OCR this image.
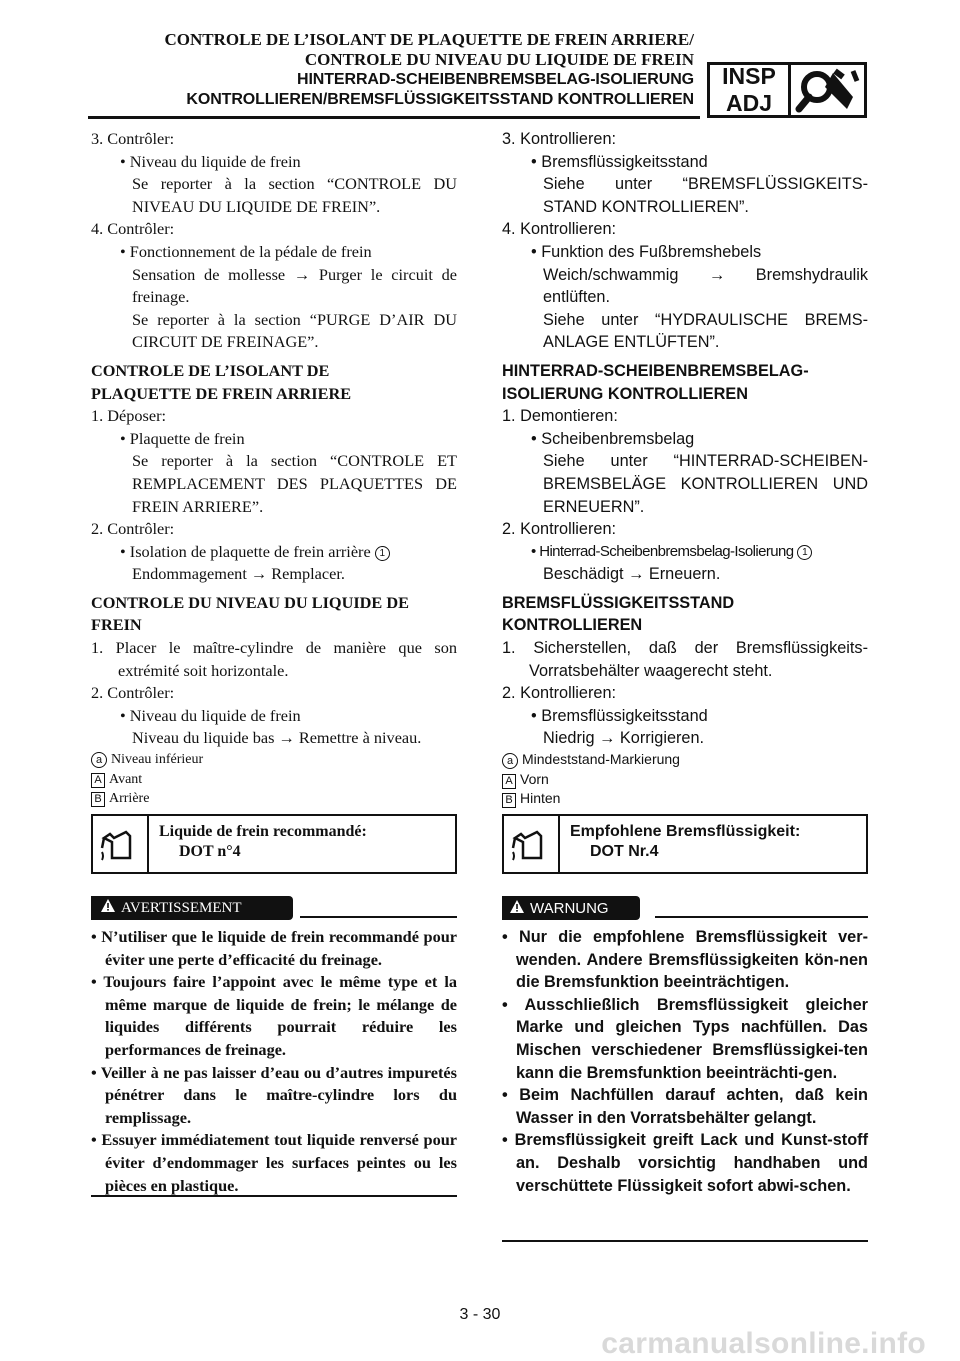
CONTROLE DE L’ISOLANT DE PLAQUETTE DE FREIN ARRIERE/
CONTROLE DU NIVEAU DU LIQUIDE DE FREIN
HINTERRAD-SCHEIBENBREMSBELAG-ISOLIERUNG
KONTROLLIEREN/BREMSFLÜSSIGKEITSSTAND KONTROLLIEREN
INSP
ADJ

3. Contrôler:

• Niveau du liquide de frein

Se reporter à la section “CONTROLE DU NIVEAU DU LIQUIDE DE FREIN”.

4. Contrôler:

• Fonctionnement de la pédale de frein

Sensation de mollesse → Purger le circuit de freinage.

Se reporter à la section “PURGE D’AIR DU CIRCUIT DE FREINAGE”.

CONTROLE DE L’ISOLANT DE PLAQUETTE DE FREIN ARRIERE

1. Déposer:

• Plaquette de frein

Se reporter à la section “CONTROLE ET REMPLACEMENT DES PLAQUETTES DE FREIN ARRIERE”.

2. Contrôler:

• Isolation de plaquette de frein arrière 1

Endommagement → Remplacer.

CONTROLE DU NIVEAU DU LIQUIDE DE FREIN

1. Placer le maître-cylindre de manière que son extrémité soit horizontale.

2. Contrôler:

• Niveau du liquide de frein

Niveau du liquide bas → Remettre à niveau.

a Niveau inférieur
A Avant
B Arrière
Liquide de frein recommandé:
DOT n°4
AVERTISSEMENT
• N’utiliser que le liquide de frein recommandé pour éviter une perte d’efficacité du freinage.
• Toujours faire l’appoint avec le même type et la même marque de liquide de frein; le mélange de liquides différents pourrait réduire les performances de freinage.
• Veiller à ne pas laisser d’eau ou d’autres impuretés pénétrer dans le maître-cylindre lors du remplissage.
• Essuyer immédiatement tout liquide renversé pour éviter d’endommager les surfaces peintes ou les pièces en plastique.

3. Kontrollieren:

• Bremsflüssigkeitsstand

Siehe unter “BREMSFLÜSSIGKEITS-STAND KONTROLLIEREN”.

4. Kontrollieren:

• Funktion des Fußbremshebels

Weich/schwammig → Bremshydraulik entlüften.

Siehe unter “HYDRAULISCHE BREMS-ANLAGE ENTLÜFTEN”.

HINTERRAD-SCHEIBENBREMSBELAG-ISOLIERUNG KONTROLLIEREN

1. Demontieren:

• Scheibenbremsbelag

Siehe unter “HINTERRAD-SCHEIBEN-BREMSBELÄGE KONTROLLIEREN UND ERNEUERN”.

2. Kontrollieren:

• Hinterrad-Scheibenbremsbelag-Isolierung 1

Beschädigt → Erneuern.

BREMSFLÜSSIGKEITSSTAND KONTROLLIEREN

1. Sicherstellen, daß der Bremsflüssigkeits-Vorratsbehälter waagerecht steht.

2. Kontrollieren:

• Bremsflüssigkeitsstand

Niedrig → Korrigieren.

a Mindeststand-Markierung
A Vorn
B Hinten
Empfohlene Bremsflüssigkeit:
DOT Nr.4
WARNUNG
• Nur die empfohlene Bremsflüssigkeit ver-wenden. Andere Bremsflüssigkeiten kön-nen die Bremsfunktion beeinträchtigen.
• Ausschließlich Bremsflüssigkeit gleicher Marke und gleichen Typs nachfüllen. Das Mischen verschiedener Bremsflüssigkei-ten kann die Bremsfunktion beeinträchti-gen.
• Beim Nachfüllen darauf achten, daß kein Wasser in den Vorratsbehälter gelangt.
• Bremsflüssigkeit greift Lack und Kunst-stoff an. Deshalb vorsichtig handhaben und verschüttete Flüssigkeit sofort abwi-schen.
3 - 30
carmanualsonline.info
